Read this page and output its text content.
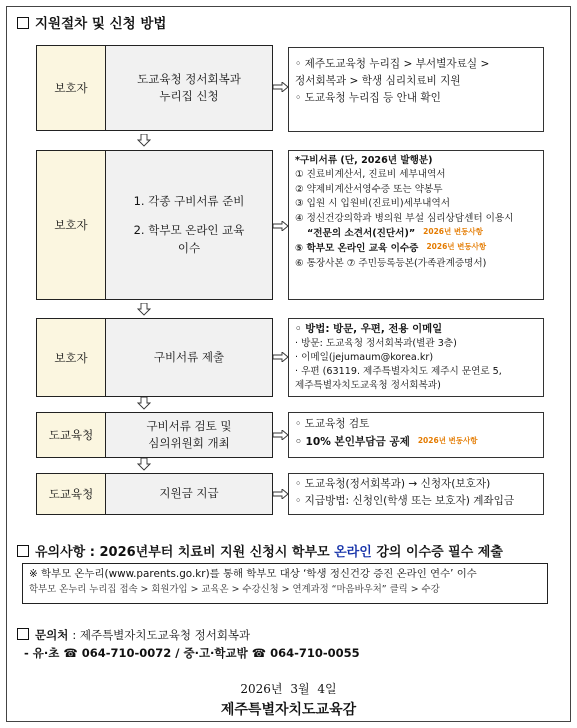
지원절차 및 신청 방법
보호자
도교육청 정서회복과
누리집 신청
◦ 제주도교육청 누리집 > 부서별자료실 >
정서회복과 > 학생 심리치료비 지원
◦ 도교육청 누리집 등 안내 확인
보호자
1. 각종 구비서류 준비
2. 학부모 온라인 교육
이수
*구비서류 (단, 2026년 발행분)
① 진료비계산서, 진료비 세부내역서
② 약제비계산서영수증 또는 약봉투
③ 입원 시 입원비(진료비)세부내역서
④ 정신건강의학과 병의원 부설 심리상담센터 이용시
“전문의 소견서(진단서)” $^{2026년 변동사항}$
⑤ 학부모 온라인 교육 이수증 $^{2026년 변동사항}$
⑥ 통장사본 ⑦ 주민등록등본(가족관계증명서)
보호자	구비서류 제출
◦ 방법: 방문, 우편, 전용 이메일
· 방문: 도교육청 정서회복과(별관 3층)
· 이메일(jejumaum@korea.kr)
· 우편 (63119. 제주특별자치도 제주시 문연로 5,
제주특별자치도교육청 정서회복과)
도교육청
구비서류 검토 및
심의위원회 개최
◦ 도교육청 검토
◦ 10% 본인부담금 공제 2026년 변동사항
도교육청	지원금 지급
◦ 도교육청(정서회복과) → 신청자(보호자)
◦ 지급방법: 신청인(학생 또는 보호자) 계좌입금
유의사항 : 2026년부터 치료비 지원 신청시 학부모 온라인 강의 이수증 필수 제출
※ 학부모 온누리(www.parents.go.kr)를 통해 학부모 대상 ‘학생 정신건강 증진 온라인 연수’ 이수
학부모 온누리 누리집 접속 > 회원가입 > 교육온 > 수강신청 > 연계과정 “마음바우처” 클릭 > 수강
문의처 : 제주특별자치도교육청 정서회복과
- 유·초 ☎ 064-710-0072 / 중·고·학교밖 ☎ 064-710-0055
2026년 3월 4일
제주특별자치도교육감
